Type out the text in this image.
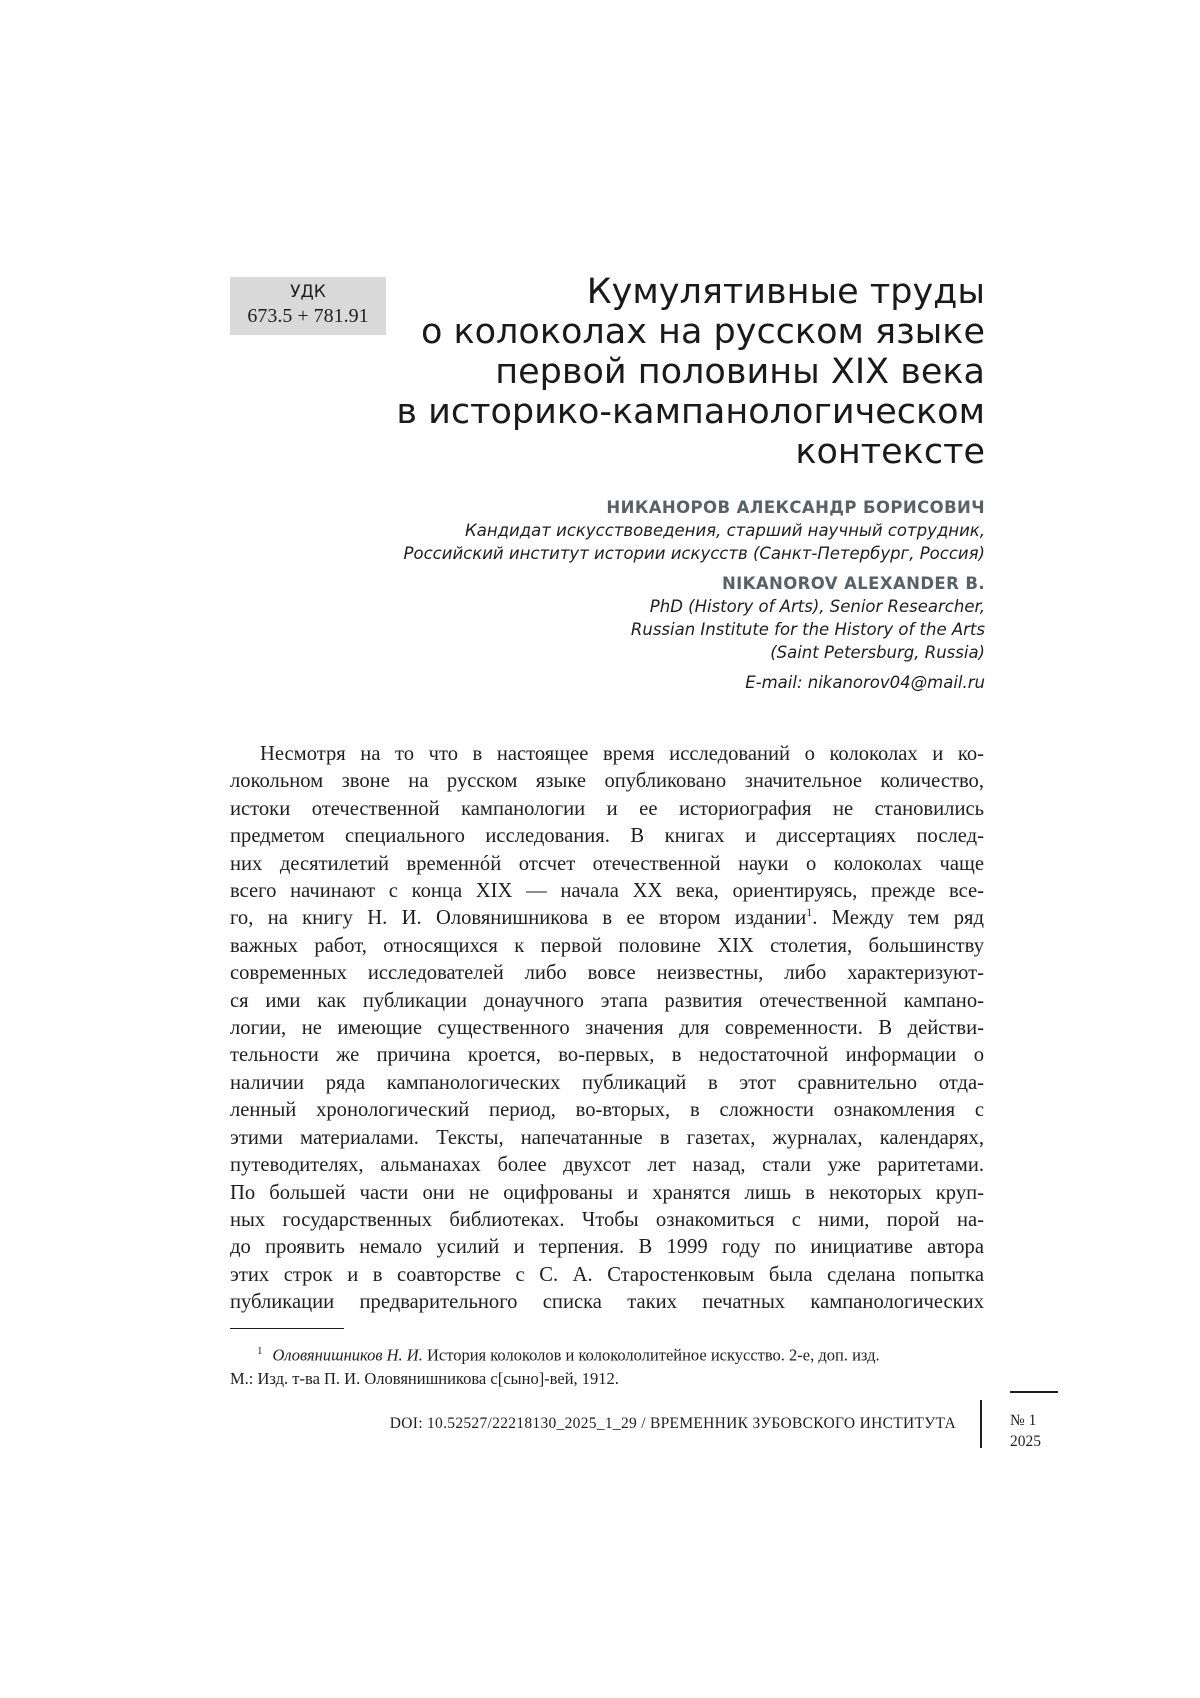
УДК
673.5 + 781.91
Кумулятивные труды
о колоколах на русском языке
первой половины XIX века
в историко-кампанологическом
контексте
НИКАНОРОВ АЛЕКСАНДР БОРИСОВИЧ
Кандидат искусствоведения, старший научный сотрудник,
Российский институт истории искусств (Санкт-Петербург, Россия)
NIKANOROV ALEXANDER B.
PhD (History of Arts), Senior Researcher,
Russian Institute for the History of the Arts
(Saint Petersburg, Russia)
E-mail: nikanorov04@mail.ru
Несмотря на то что в настоящее время исследований о колоколах и ко-
локольном звоне на русском языке опубликовано значительное количество,
истоки отечественной кампанологии и ее историография не становились
предметом специального исследования. В книгах и диссертациях послед-
них десятилетий временнóй отсчет отечественной науки о колоколах чаще
всего начинают с конца XIX — начала XX века, ориентируясь, прежде все-
го, на книгу Н. И. Оловянишникова в ее втором издании$^1$. Между тем ряд
важных работ, относящихся к первой половине XIX столетия, большинству
современных исследователей либо вовсе неизвестны, либо характеризуют-
ся ими как публикации донаучного этапа развития отечественной кампано-
логии, не имеющие существенного значения для современности. В действи-
тельности же причина кроется, во-первых, в недостаточной информации о
наличии ряда кампанологических публикаций в этот сравнительно отда-
ленный хронологический период, во-вторых, в сложности ознакомления с
этими материалами. Тексты, напечатанные в газетах, журналах, календарях,
путеводителях, альманахах более двухсот лет назад, стали уже раритетами.
По большей части они не оцифрованы и хранятся лишь в некоторых круп-
ных государственных библиотеках. Чтобы ознакомиться с ними, порой на-
до проявить немало усилий и терпения. В 1999 году по инициативе автора
этих строк и в соавторстве с С. А. Старостенковым была сделана попытка
публикации предварительного списка таких печатных кампанологических
$^1$ Оловянишников Н. И. История колоколов и колокололитейное искусство. 2-е, доп. изд.
М.: Изд. т-ва П. И. Оловянишникова с[сыно]-вей, 1912.
DOI: 10.52527/22218130_2025_1_29 / ВРЕМЕННИК ЗУБОВСКОГО ИНСТИТУТА	№ 1
2025
